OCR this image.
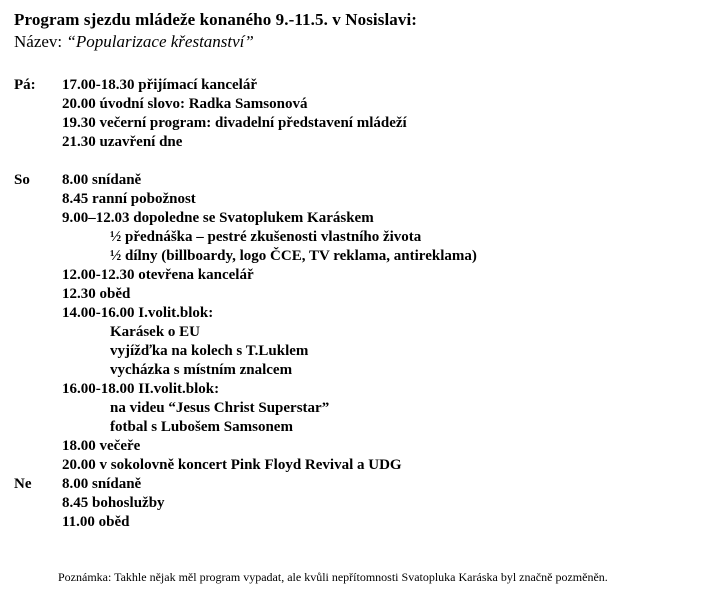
Program sjezdu mládeže konaného 9.-11.5. v Nosislavi:
Název: “Popularizace křestanství”
Pá: 17.00-18.30 přijímací kancelář
20.00 úvodní slovo: Radka Samsonová
19.30 večerní program: divadelní představení mládeží
21.30 uzavření dne
So 8.00 snídaně
8.45 ranní pobožnost
9.00–12.03 dopoledne se Svatoplukem Karáskem
½ přednáška – pestré zkušenosti vlastního života
½ dílny (billboardy, logo ČCE, TV reklama, antireklama)
12.00-12.30 otevřena kancelář
12.30 oběd
14.00-16.00 I.volit.blok:
Karásek o EU
vyjížďka na kolech s T.Luklem
vycházka s místním znalcem
16.00-18.00 II.volit.blok:
na videu “Jesus Christ Superstar”
fotbal s Lubošem Samsonem
18.00 večeře
20.00 v sokolovně koncert Pink Floyd Revival a UDG
Ne 8.00 snídaně
8.45 bohoslužby
11.00 oběd
Poznámka: Takhle nějak měl program vypadat, ale kvůli nepřítomnosti Svatopluka Karáska byl značně pozměněn.
